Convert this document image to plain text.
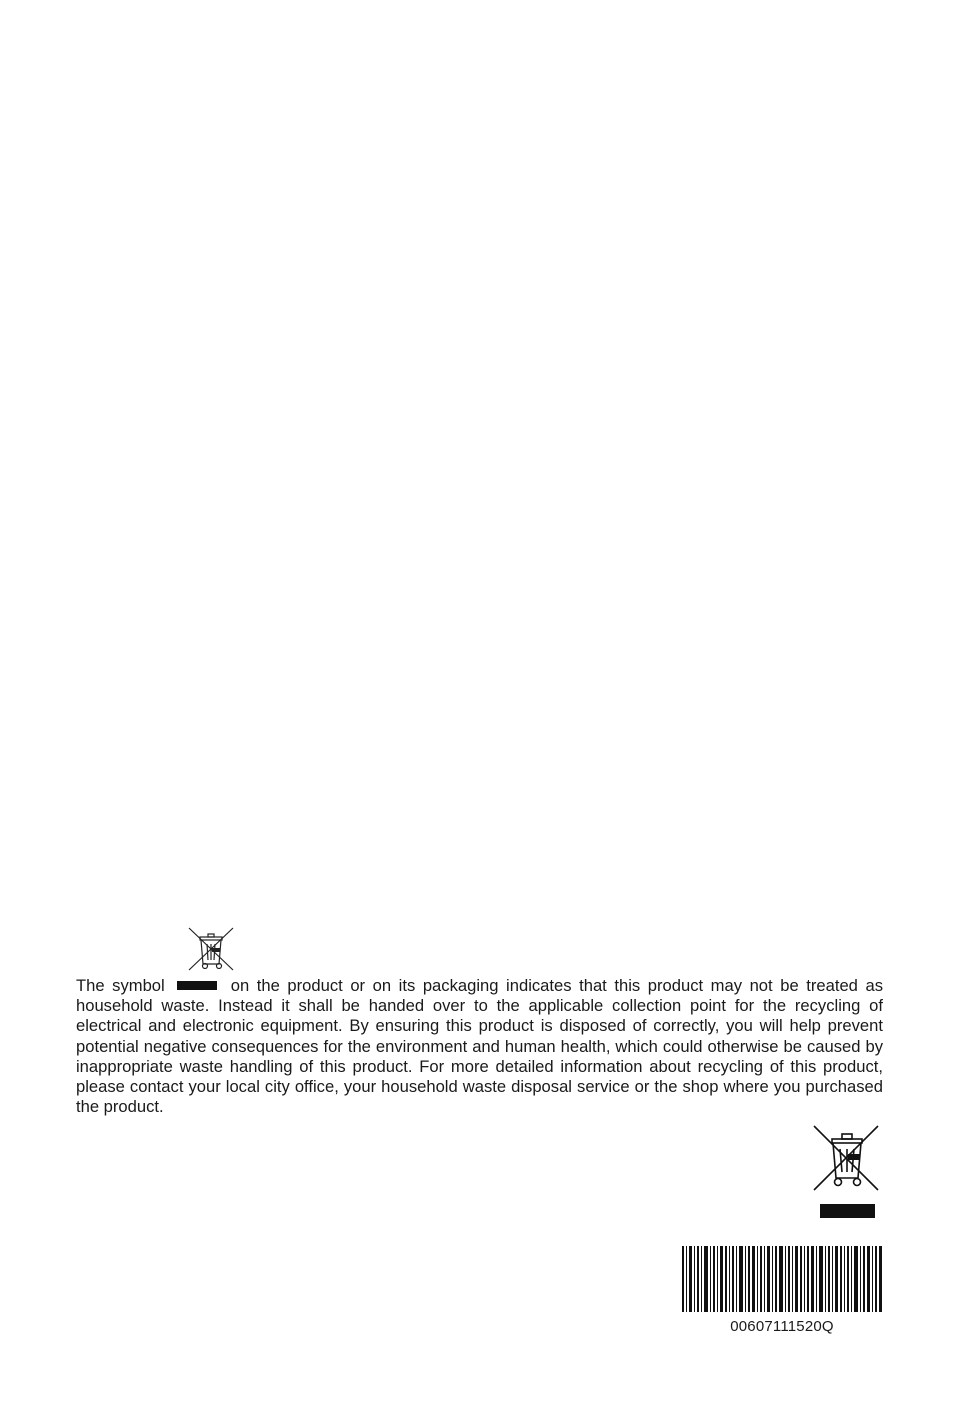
The symbol	on the product or on its packaging indicates that this product may not be treated as household waste. Instead it shall be handed over to the applicable collection point for the recycling of electrical and electronic equipment. By ensuring this product is disposed of correctly, you will help prevent potential negative consequences for the environment and human health, which could otherwise be caused by inappropriate waste handling of this product. For more detailed information about recycling of this product, please contact your local city office, your household waste disposal service or the shop where you purchased the product.

00607111520Q
